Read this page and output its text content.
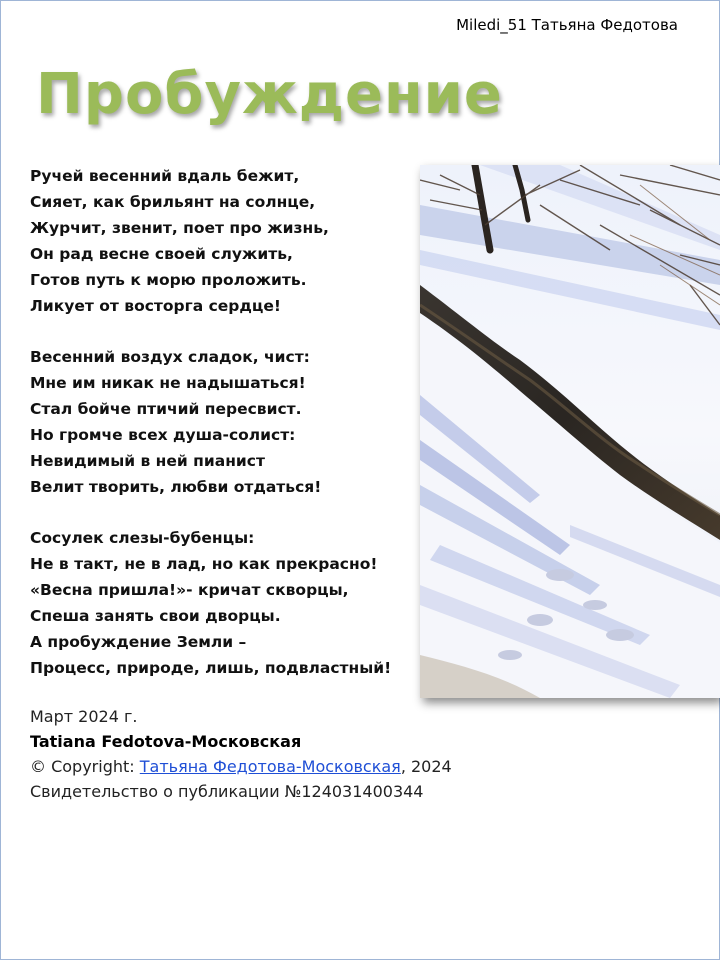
Miledi_51 Татьяна Федотова
Пробуждение
Ручей весенний вдаль бежит,
Сияет, как брильянт на солнце,
Журчит, звенит, поет про жизнь,
Он рад весне своей служить,
Готов путь к морю проложить.
Ликует от восторга сердце!
Весенний воздух сладок, чист:
Мне им никак не надышаться!
Стал бойче птичий пересвист.
Но громче всех душа-солист:
Невидимый в ней пианист
Велит творить, любви отдаться!
Сосулек слезы-бубенцы:
Не в такт, не в лад, но как прекрасно!
«Весна пришла!»- кричат скворцы,
Спеша занять свои дворцы.
А пробуждение Земли –
Процесс, природе, лишь, подвластный!
Март 2024 г.
Tatiana Fedotova-Московская
© Copyright: Татьяна Федотова-Московская, 2024
Свидетельство о публикации №124031400344
